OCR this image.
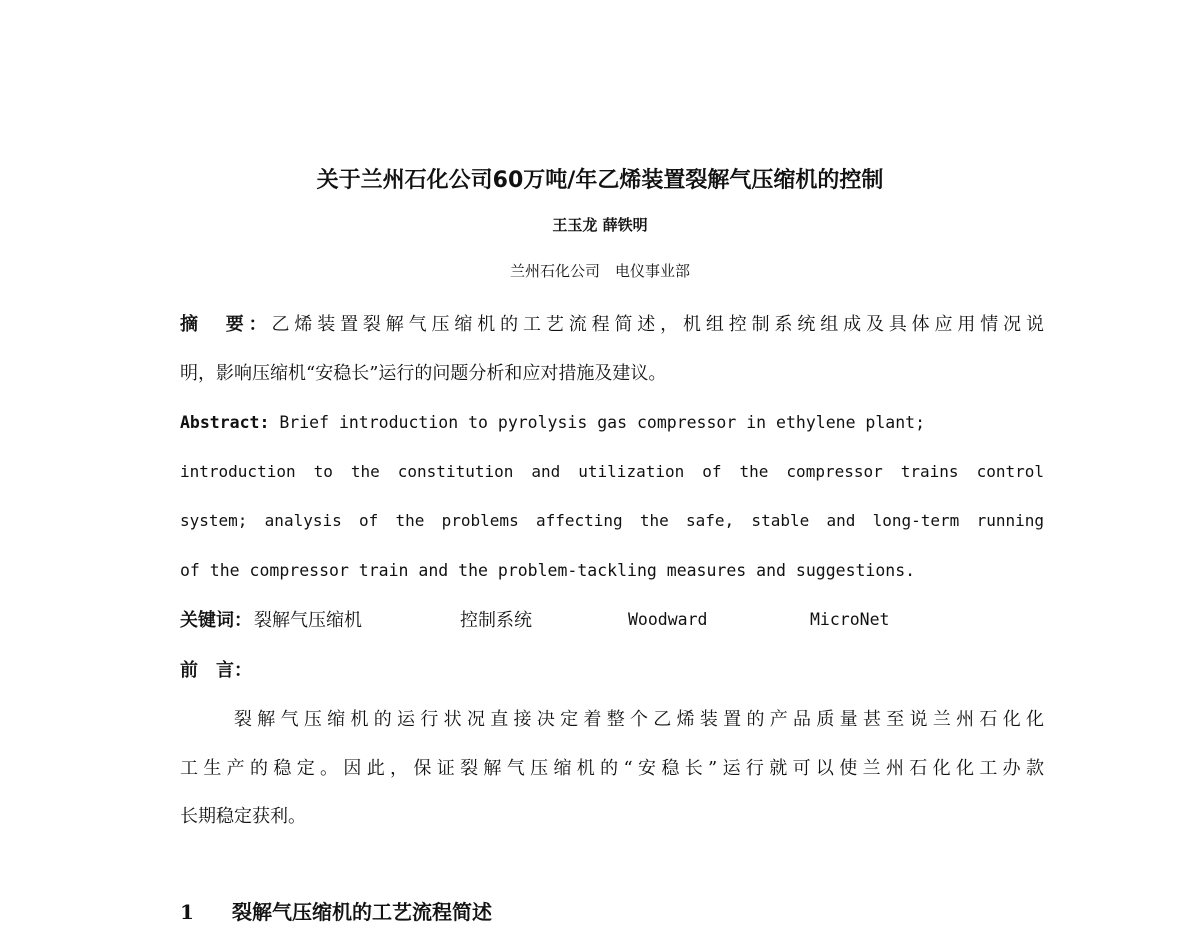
关于兰州石化公司60万吨/年乙烯装置裂解气压缩机的控制
王玉龙 薛铁明
兰州石化公司　电仪事业部
摘　要：乙烯装置裂解气压缩机的工艺流程简述，机组控制系统组成及具体应用情况说
明，影响压缩机“安稳长”运行的问题分析和应对措施及建议。
Abstract: Brief introduction to pyrolysis gas compressor in ethylene plant;
introduction to the constitution and utilization of the compressor trains control
system; analysis of the problems affecting the safe, stable and long-term running
of the compressor train and the problem-tackling measures and suggestions.
关键词： 裂解气压缩机	控制系统	Woodward	MicroNet
前　言：
裂解气压缩机的运行状况直接决定着整个乙烯装置的产品质量甚至说兰州石化化
工生产的稳定。因此，保证裂解气压缩机的“安稳长”运行就可以使兰州石化化工办款
长期稳定获利。
1 裂解气压缩机的工艺流程简述
